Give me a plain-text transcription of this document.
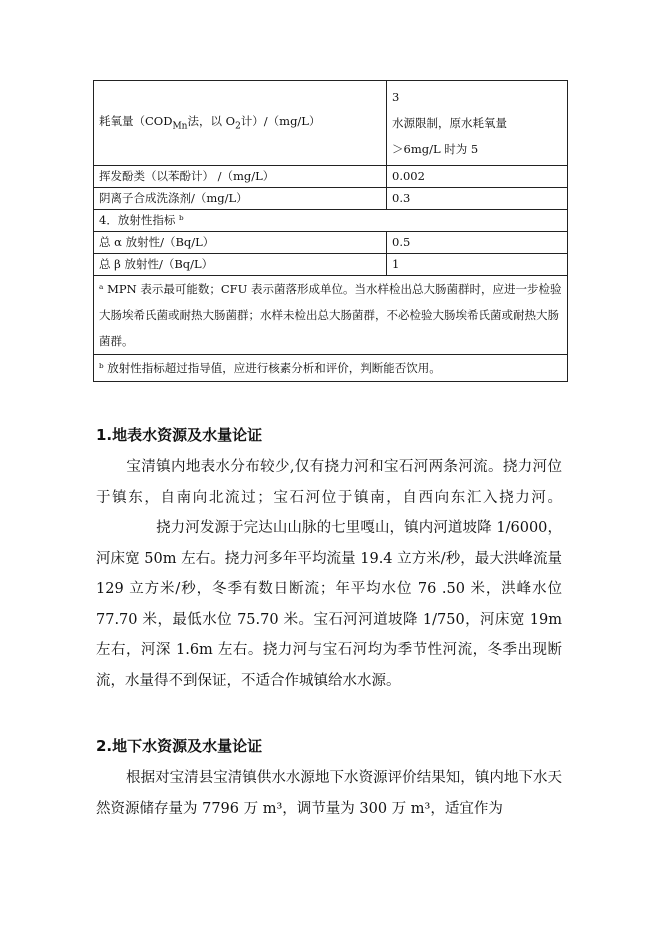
耗氧量（$COD_{Mn}$法，以 $O_2$计）/（mg/L）	3
水源限制，原水耗氧量
＞6mg/L 时为 5

挥发酚类（以苯酚计） /（mg/L）	0.002
阴离子合成洗涤剂/（mg/L）	0.3
4．放射性指标 ᵇ	
总 α 放射性/（Bq/L）	0.5
总 β 放射性/（Bq/L）	1
ᵃ MPN 表示最可能数；CFU 表示菌落形成单位。当水样检出总大肠菌群时，应进一步检验大肠埃希氏菌或耐热大肠菌群；水样未检出总大肠菌群，不必检验大肠埃希氏菌或耐热大肠菌群。	
ᵇ 放射性指标超过指导值，应进行核素分析和评价，判断能否饮用。	
1.地表水资源及水量论证
宝清镇内地表水分布较少,仅有挠力河和宝石河两条河流。挠力河位于镇东，自南向北流过；宝石河位于镇南，自西向东汇入挠力河。挠力河发源于完达山山脉的七里嘎山，镇内河道坡降 1/6000，河床宽 50m 左右。挠力河多年平均流量 19.4 立方米/秒，最大洪峰流量 129 立方米/秒，冬季有数日断流；年平均水位 76 .50 米，洪峰水位 77.70 米，最低水位 75.70 米。宝石河河道坡降 1/750，河床宽 19m 左右，河深 1.6m 左右。挠力河与宝石河均为季节性河流，冬季出现断流，水量得不到保证，不适合作城镇给水水源。
2.地下水资源及水量论证
根据对宝清县宝清镇供水水源地下水资源评价结果知，镇内地下水天然资源储存量为 7796 万 m³，调节量为 300 万 m³，适宜作为
